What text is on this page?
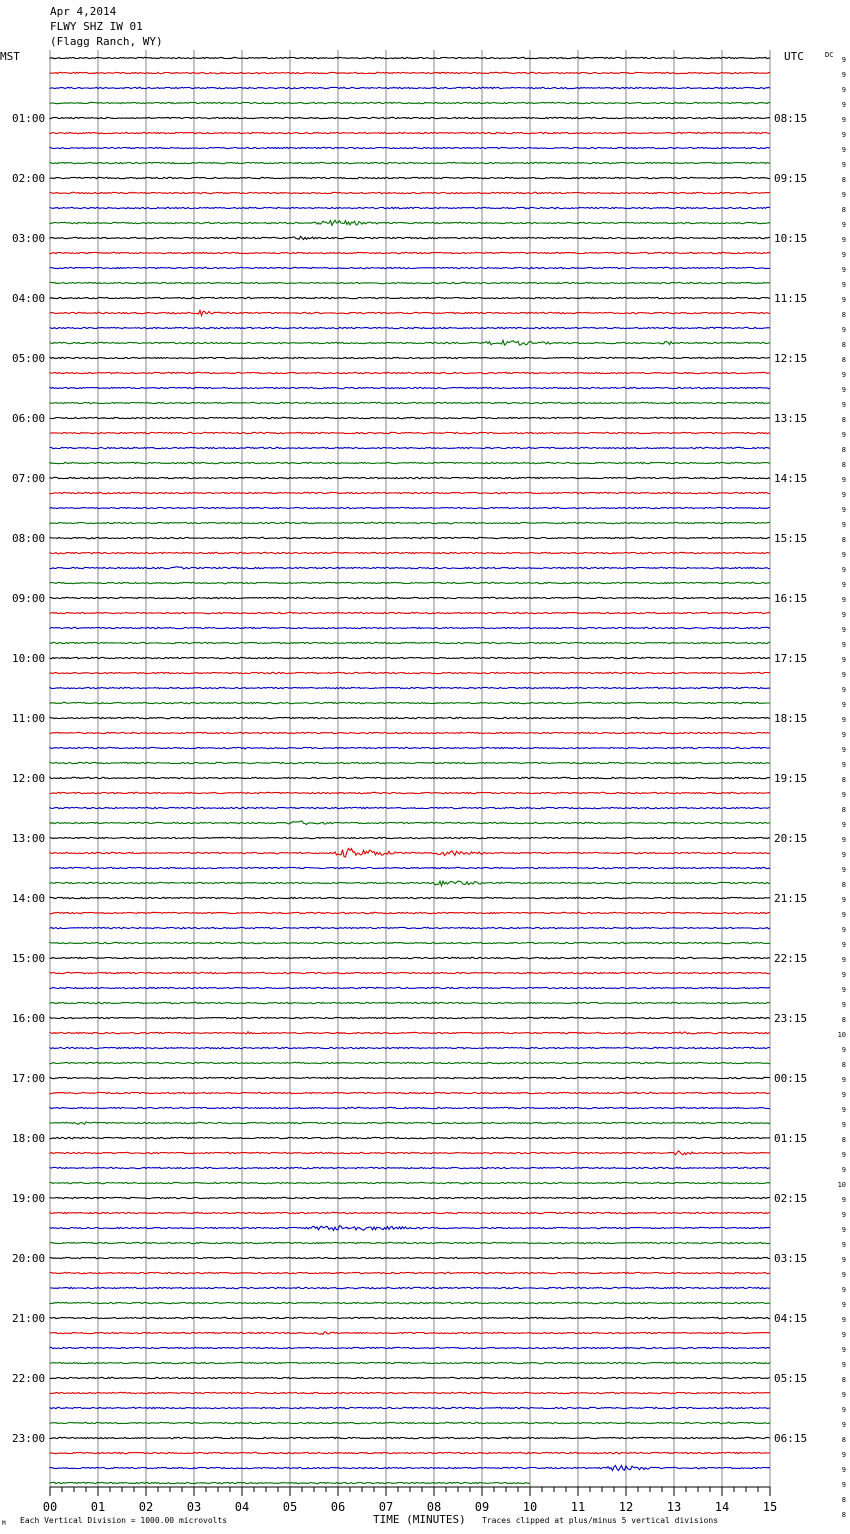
Apr 4,2014
FLWY SHZ IW 01
(Flagg Ranch, WY)
01:00
02:00
03:00
04:00
05:00
06:00
07:00
08:00
09:00
10:00
11:00
12:00
13:00
14:00
15:00
16:00
17:00
18:00
19:00
20:00
21:00
22:00
23:00
08:15
09:15
10:15
11:15
12:15
13:15
14:15
15:15
16:15
17:15
18:15
19:15
20:15
21:15
22:15
23:15
00:15
01:15
02:15
03:15
04:15
05:15
06:15
9
9
9
9
9
9
9
9
8
9
8
9
9
9
9
9
9
8
9
8
8
9
9
9
8
9
8
8
9
9
9
9
8
9
9
9
9
9
9
9
9
9
9
9
9
9
9
9
8
9
8
9
9
9
9
8
9
9
9
9
9
9
9
9
8
10
9
8
9
9
9
9
8
9
9
10
9
9
9
9
9
9
9
9
9
9
9
9
8
9
9
9
8
9
9
9
8
8
00	01	02	03	04	05	06	07	08	09	10	11	12	13	14	15
MST	UTC	DC
M Each Vertical Division = 1000.00 microvolts	TIME (MINUTES) Traces clipped at plus/minus 5 vertical divisions
